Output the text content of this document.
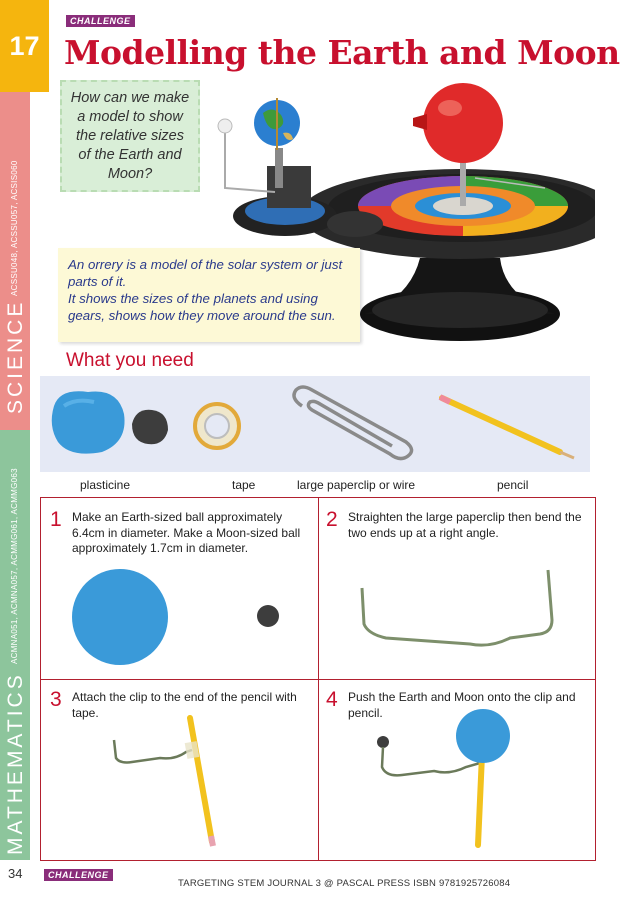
17
SCIENCE
ACSSU048, ACSSU057, ACSIS060
MATHEMATICS
ACMNA051, ACMNA057, ACMMG061, ACMMG063
34
CHALLENGE
Modelling the Earth and Moon
How can we make a model to show the relative sizes of the Earth and Moon?
An orrery is a model of the solar system or just parts of it.
It shows the sizes of the planets and using gears, shows how they move around the sun.
What you need
plasticine	tape	large paperclip or wire	pencil
1 Make an Earth-sized ball approximately 6.4cm in diameter. Make a Moon-sized ball approximately 1.7cm in diameter.
2 Straighten the large paperclip then bend the two ends up at a right angle.
3 Attach the clip to the end of the pencil with tape.
4 Push the Earth and Moon onto the clip and pencil.
CHALLENGE
TARGETING STEM JOURNAL 3 @ PASCAL PRESS ISBN 9781925726084
